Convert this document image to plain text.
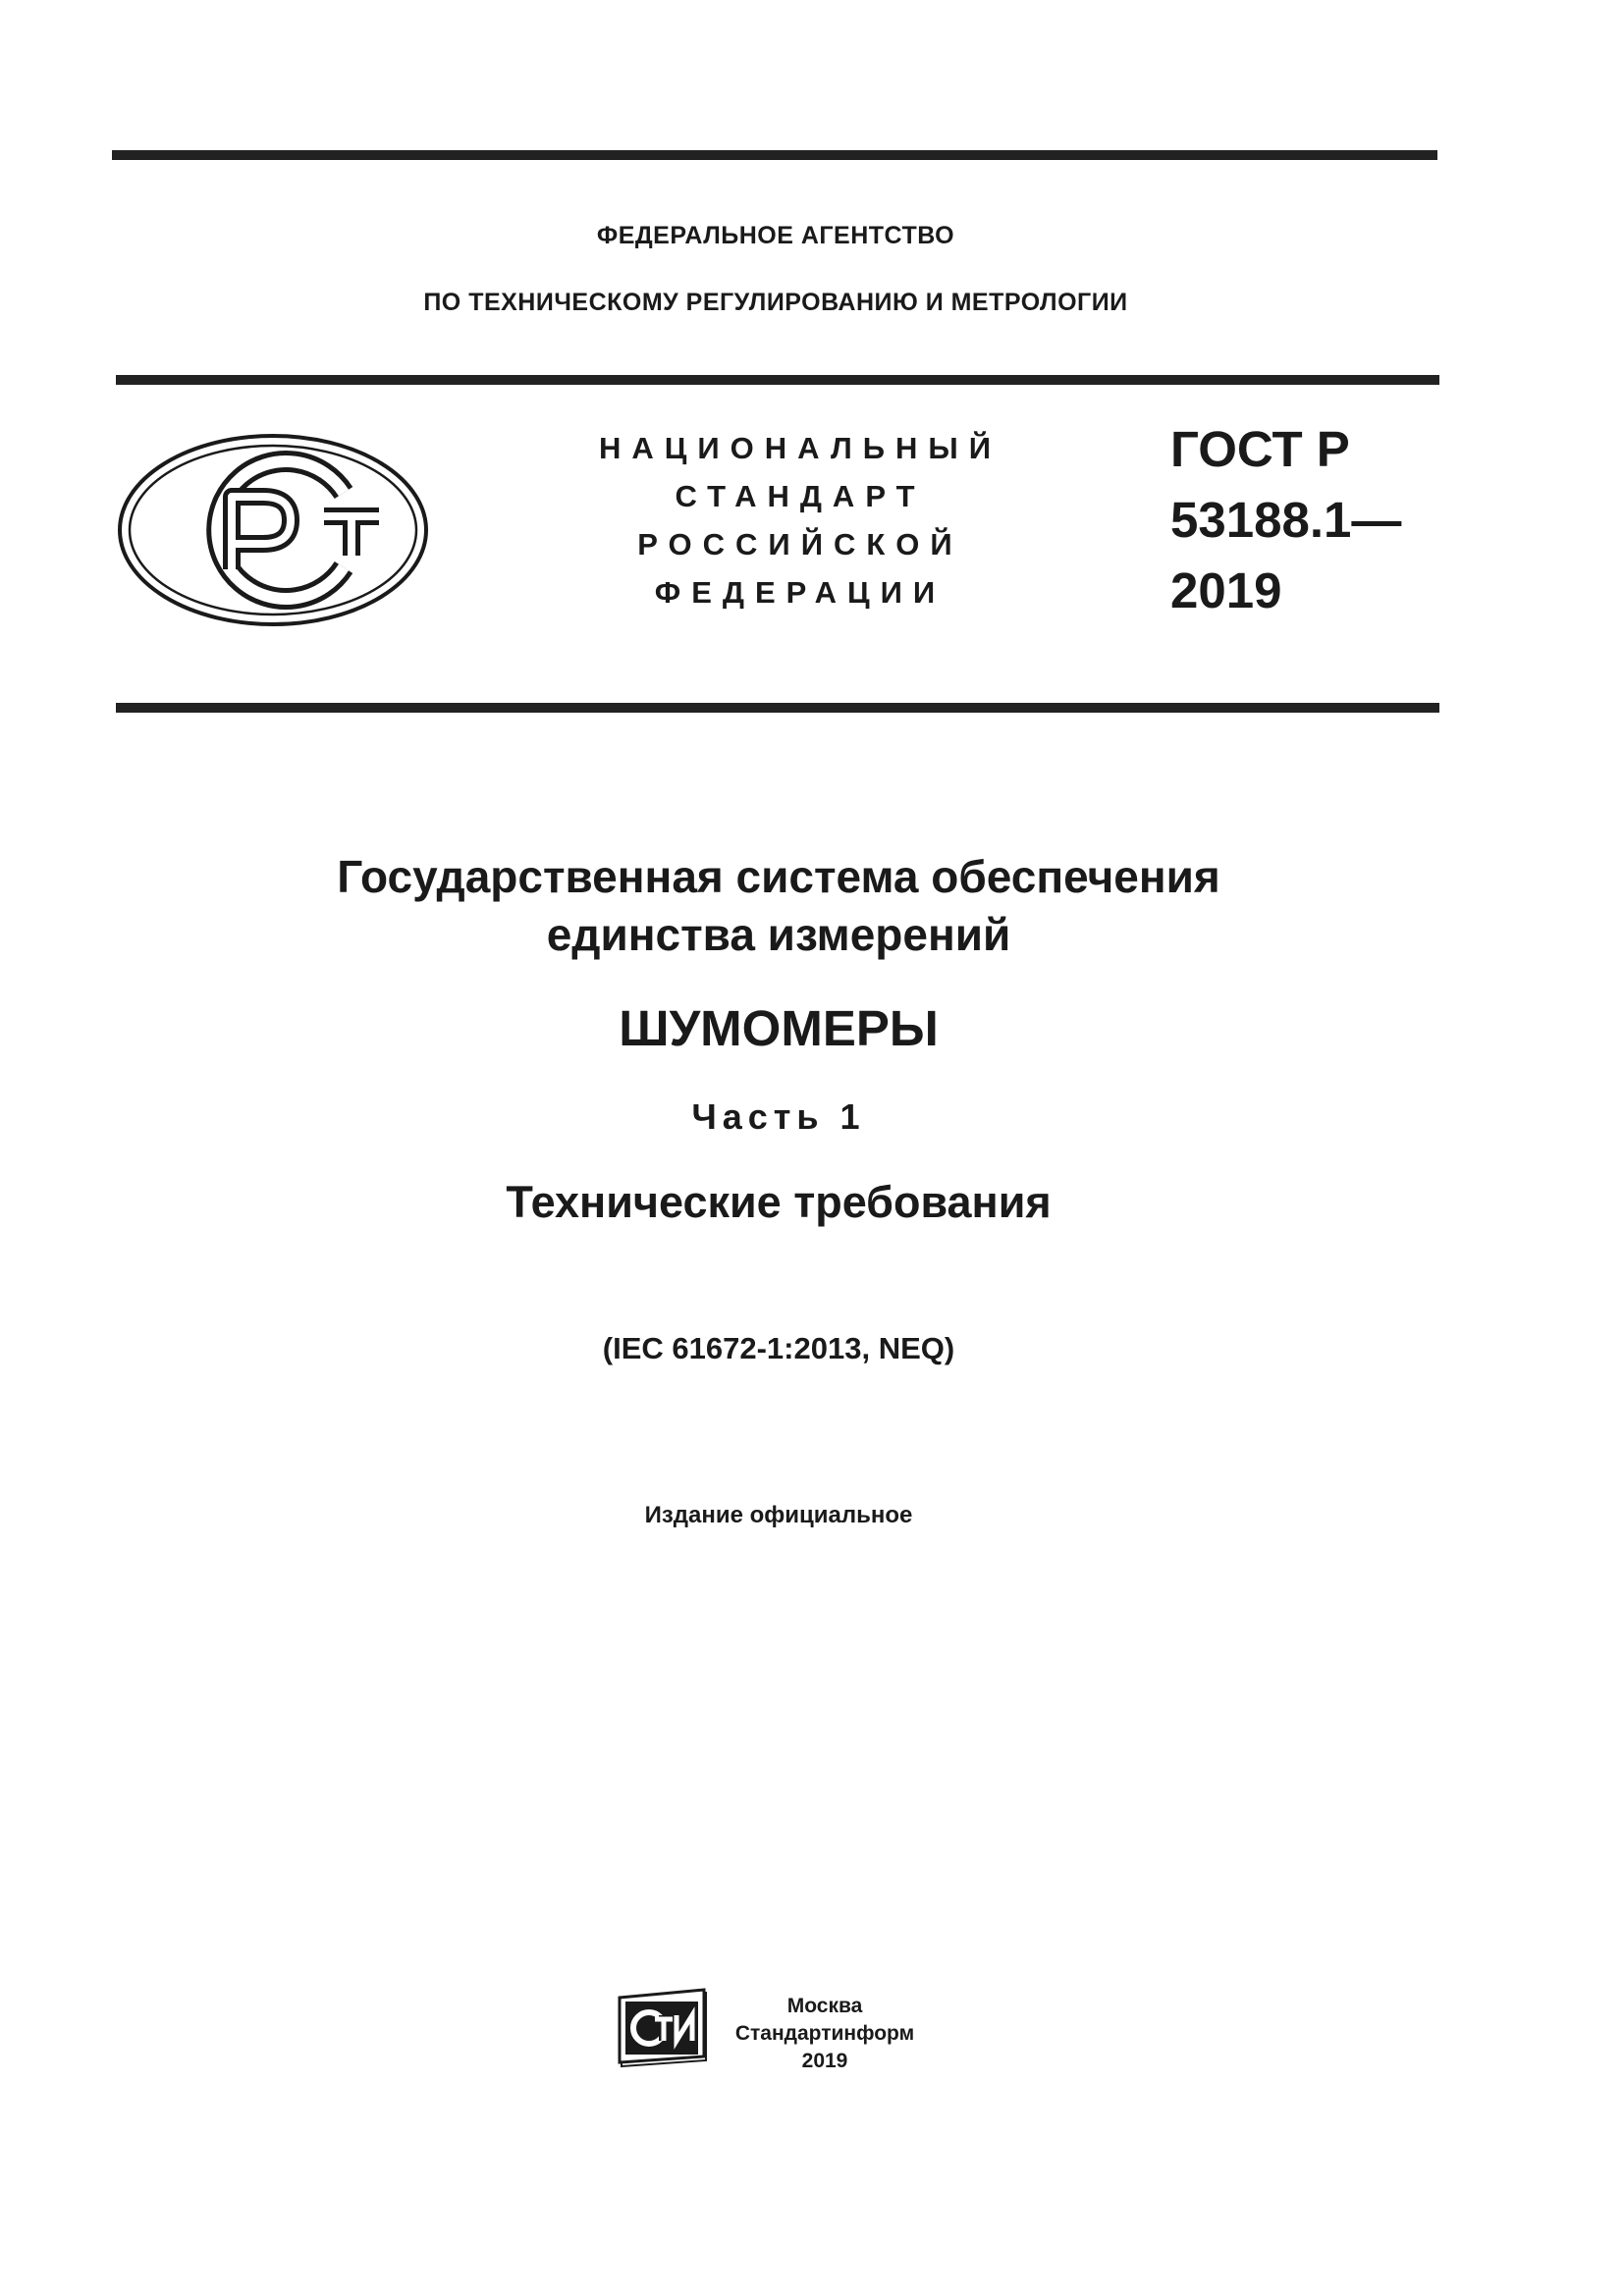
ФЕДЕРАЛЬНОЕ АГЕНТСТВО
ПО ТЕХНИЧЕСКОМУ РЕГУЛИРОВАНИЮ И МЕТРОЛОГИИ
НАЦИОНАЛЬНЫЙ
СТАНДАРТ
РОССИЙСКОЙ
ФЕДЕРАЦИИ
ГОСТ Р
53188.1—
2019
Государственная система обеспечения
единства измерений
ШУМОМЕРЫ
Часть 1
Технические требования
(IEC 61672-1:2013, NEQ)
Издание официальное
Москва
Стандартинформ
2019
